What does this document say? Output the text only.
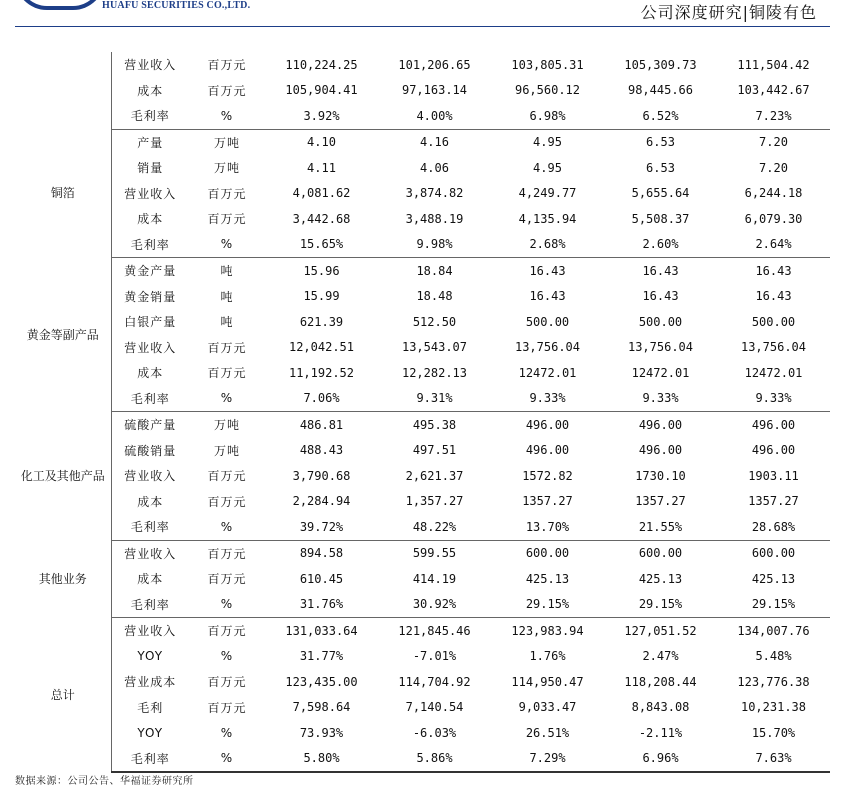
HUAFU SECURITIES CO.,LTD.	公司深度研究|铜陵有色
	营业收入	百万元	110,224.25	101,206.65	103,805.31	105,309.73	111,504.42
	成本	百万元	105,904.41	97,163.14	96,560.12	98,445.66	103,442.67
	毛利率	%	3.92%	4.00%	6.98%	6.52%	7.23%
铜箔	产量	万吨	4.10	4.16	4.95	6.53	7.20
	销量	万吨	4.11	4.06	4.95	6.53	7.20
	营业收入	百万元	4,081.62	3,874.82	4,249.77	5,655.64	6,244.18
	成本	百万元	3,442.68	3,488.19	4,135.94	5,508.37	6,079.30
	毛利率	%	15.65%	9.98%	2.68%	2.60%	2.64%
黄金等副产品	黄金产量	吨	15.96	18.84	16.43	16.43	16.43
	黄金销量	吨	15.99	18.48	16.43	16.43	16.43
	白银产量	吨	621.39	512.50	500.00	500.00	500.00
	营业收入	百万元	12,042.51	13,543.07	13,756.04	13,756.04	13,756.04
	成本	百万元	11,192.52	12,282.13	12472.01	12472.01	12472.01
	毛利率	%	7.06%	9.31%	9.33%	9.33%	9.33%
化工及其他产品	硫酸产量	万吨	486.81	495.38	496.00	496.00	496.00
	硫酸销量	万吨	488.43	497.51	496.00	496.00	496.00
	营业收入	百万元	3,790.68	2,621.37	1572.82	1730.10	1903.11
	成本	百万元	2,284.94	1,357.27	1357.27	1357.27	1357.27
	毛利率	%	39.72%	48.22%	13.70%	21.55%	28.68%
其他业务	营业收入	百万元	894.58	599.55	600.00	600.00	600.00
	成本	百万元	610.45	414.19	425.13	425.13	425.13
	毛利率	%	31.76%	30.92%	29.15%	29.15%	29.15%
总计	营业收入	百万元	131,033.64	121,845.46	123,983.94	127,051.52	134,007.76
	YOY	%	31.77%	-7.01%	1.76%	2.47%	5.48%
	营业成本	百万元	123,435.00	114,704.92	114,950.47	118,208.44	123,776.38
	毛利	百万元	7,598.64	7,140.54	9,033.47	8,843.08	10,231.38
	YOY	%	73.93%	-6.03%	26.51%	-2.11%	15.70%
	毛利率	%	5.80%	5.86%	7.29%	6.96%	7.63%
数据来源：公司公告、华福证券研究所
